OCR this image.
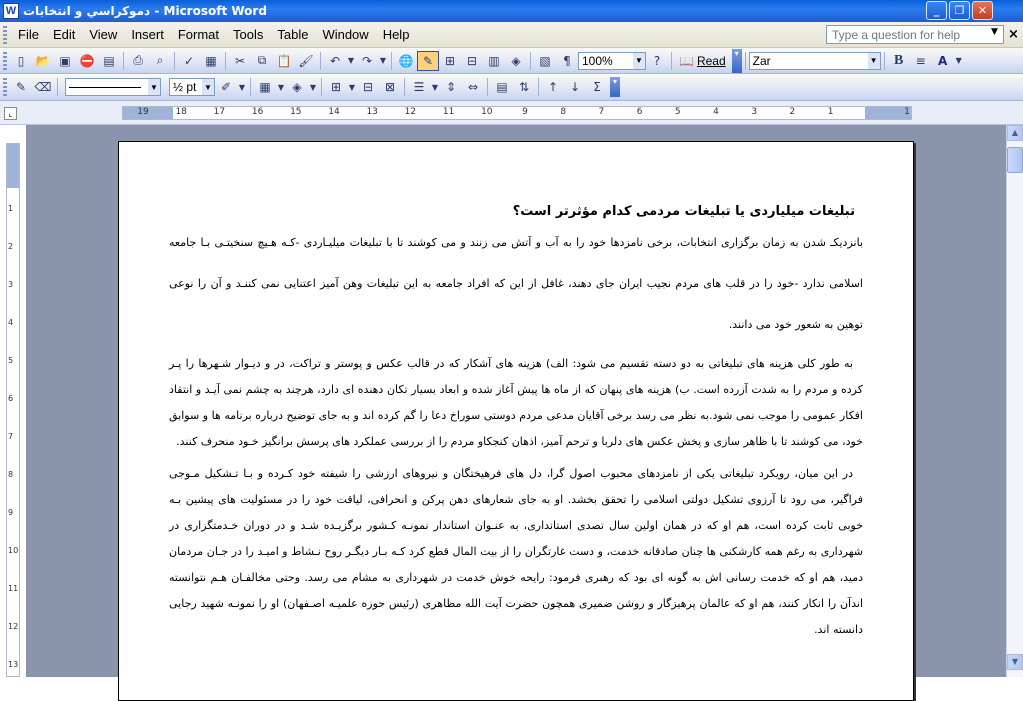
W دموکراسي و انتخابات - Microsoft Word	_	❐	✕
File	Edit	View	Insert	Format	Tools	Table	Window	Help
Type a question for help	▼ ×
▯ 📂 ▣ ⛔ ▤	⎙	⌕	✓ ▦	✂	⧉ 📋 🖌	↶ ▼ ↷ ▼ 🌐 ✎ ⊞ ⊟ ▥ ◈	▧	¶ 100%	▼ ?	📖 Read
▾
Zar	▼	B	≡	A	▼
✎ ⌫	▼ ½ pt ▼ ✐ ▼	▦ ▼ ◈	▼	⊞ ▼ ⊟ ⊠	☰ ▼ ⇕ ⇔	▤ ⇅	↑ ↓	Σ	▾
⌞	19	18	17	16	15	14	13	12	11	10	9	8	7	6	5	4	3	2	1	1
تبلیغات میلیاردی یا تبلیغات مردمی کدام مؤثرتر است؟
بانزدیکـ شدن به زمان برگزاری انتخابات، برخی نامزدها خود را به آب و آتش می زنند و می کوشند تا با تبلیغات میلیـاردی -کـه هـیچ سنخیتـی بـا جامعه اسلامی ندارد -خود را در قلب های مردم نجیب ایران جای دهند، غافل از این که افراد جامعه به این تبلیغات وهن آمیز اعتنایی نمی کننـد و آن را نوعی توهین به شعور خود می دانند.
به طور کلی هزینه های تبلیغاتی به دو دسته تقسیم می شود: الف) هزینه های آشکار که در قالب عکس و پوستر و تراکت، در و دیـوار شـهرها را پـر کرده و مردم را به شدت آزرده است. ب) هزینه های پنهان که از ماه ها پیش آغاز شده و ابعاد بسیار تکان دهنده ای دارد، هرچند به چشم نمی آیـد و انتقاد افکار عمومی را موجب نمی شود.به نظر می رسد برخی آقایان مدعی مردم دوستی سوراخ دعا را گم کرده اند و به جای توضیح درباره برنامه ها و سوابق خود، می کوشند تا با ظاهر سازی و پخش عکس های دلربا و ترحم آمیز، اذهان کنجکاو مردم را از بررسی عملکرد های پرسش برانگیز خـود منحرف کنند.
در این میان، رویکرد تبلیغاتی یکی از نامزدهای محبوب اصول گرا، دل های فرهیختگان و نیروهای ارزشی را شیفته خود کـرده و بـا تـشکیل مـوجی فراگیر، می رود تا آرزوی تشکیل دولتی اسلامی را تحقق بخشد. او به جای شعارهای دهن پرکن و انحرافی، لیاقت خود را در مسئولیت های پیشین بـه خوبی ثابت کرده است، هم او که در همان اولین سال تصدی استانداری، به عنـوان استاندار نمونـه کـشور برگزیـده شـد و در دوران خـدمتگزاری در شهرداری به رغم همه کارشکنی ها چنان صادقانه خدمت، و دست غارتگران را از بیت المال قطع کرد کـه بـار دیگـر روح نـشاط و امیـد را در جـان مردمان دمید، هم او که خدمت رسانی اش به گونه ای بود که رهبری فرمود: رایحه خوش خدمت در شهرداری به مشام می رسد. وحتی مخالفـان هـم نتوانسته اندآن را انکار کنند، هم او که عالمان پرهیزگار و روشن ضمیری همچون حضرت آیت الله مظاهری (رئیس حوزه علمیـه اصـفهان) او را نمونـه شهید رجایی دانسته اند.
1
2
3
4
5
6
7
8
9
10
11
12
13
▲
▼
